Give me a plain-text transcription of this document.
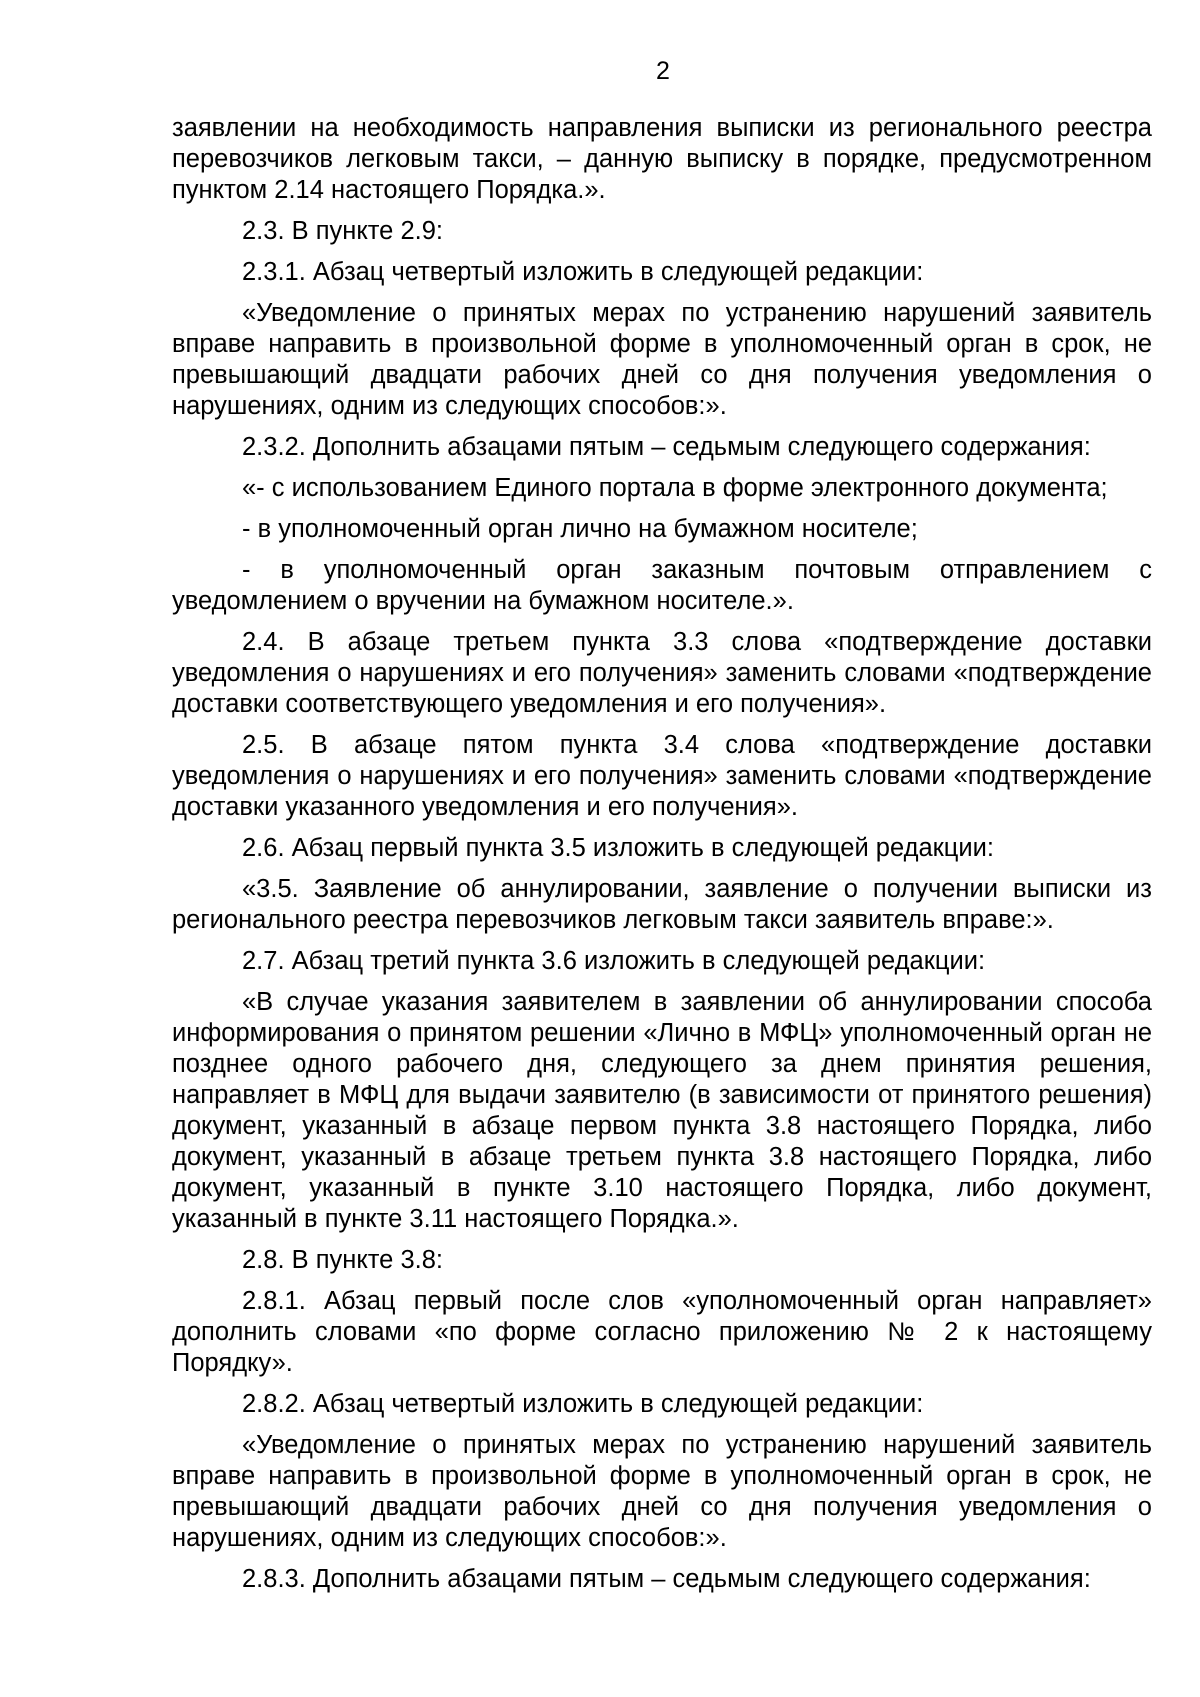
2

заявлении на необходимость направления выписки из регионального реестра перевозчиков легковым такси, – данную выписку в порядке, предусмотренном пунктом 2.14 настоящего Порядка.».

2.3. В пункте 2.9:

2.3.1. Абзац четвертый изложить в следующей редакции:

«Уведомление о принятых мерах по устранению нарушений заявитель вправе направить в произвольной форме в уполномоченный орган в срок, не превышающий двадцати рабочих дней со дня получения уведомления о нарушениях, одним из следующих способов:».

2.3.2. Дополнить абзацами пятым – седьмым следующего содержания:

«- с использованием Единого портала в форме электронного документа;

- в уполномоченный орган лично на бумажном носителе;

- в уполномоченный орган заказным почтовым отправлением с уведомлением о вручении на бумажном носителе.».

2.4. В абзаце третьем пункта 3.3 слова «подтверждение доставки уведомления о нарушениях и его получения» заменить словами «подтверждение доставки соответствующего уведомления и его получения».

2.5. В абзаце пятом пункта 3.4 слова «подтверждение доставки уведомления о нарушениях и его получения» заменить словами «подтверждение доставки указанного уведомления и его получения».

2.6. Абзац первый пункта 3.5 изложить в следующей редакции:

«3.5. Заявление об аннулировании, заявление о получении выписки из регионального реестра перевозчиков легковым такси заявитель вправе:».

2.7. Абзац третий пункта 3.6 изложить в следующей редакции:

«В случае указания заявителем в заявлении об аннулировании способа информирования о принятом решении «Лично в МФЦ» уполномоченный орган не позднее одного рабочего дня, следующего за днем принятия решения, направляет в МФЦ для выдачи заявителю (в зависимости от принятого решения) документ, указанный в абзаце первом пункта 3.8 настоящего Порядка, либо документ, указанный в абзаце третьем пункта 3.8 настоящего Порядка, либо документ, указанный в пункте 3.10 настоящего Порядка, либо документ, указанный в пункте 3.11 настоящего Порядка.».

2.8. В пункте 3.8:

2.8.1. Абзац первый после слов «уполномоченный орган направляет» дополнить словами «по форме согласно приложению № 2 к настоящему Порядку».

2.8.2. Абзац четвертый изложить в следующей редакции:

«Уведомление о принятых мерах по устранению нарушений заявитель вправе направить в произвольной форме в уполномоченный орган в срок, не превышающий двадцати рабочих дней со дня получения уведомления о нарушениях, одним из следующих способов:».

2.8.3. Дополнить абзацами пятым – седьмым следующего содержания:
